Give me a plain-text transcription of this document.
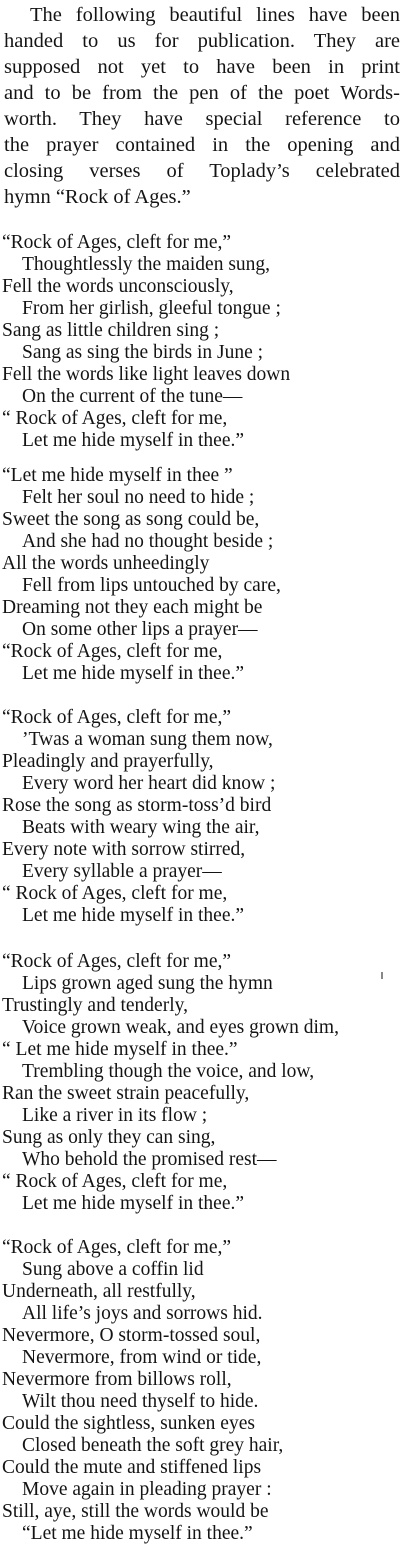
The following beautiful lines have been
handed to us for publication. They are
supposed not yet to have been in print
and to be from the pen of the poet Words-
worth. They have special reference to
the prayer contained in the opening and
closing verses of Toplady’s celebrated
hymn “Rock of Ages.”
“Rock of Ages, cleft for me,”
Thoughtlessly the maiden sung,
Fell the words unconsciously,
From her girlish, gleeful tongue ;
Sang as little children sing ;
Sang as sing the birds in June ;
Fell the words like light leaves down
On the current of the tune—
“ Rock of Ages, cleft for me,
Let me hide myself in thee.”
“Let me hide myself in thee ”
Felt her soul no need to hide ;
Sweet the song as song could be,
And she had no thought beside ;
All the words unheedingly
Fell from lips untouched by care,
Dreaming not they each might be
On some other lips a prayer—
“Rock of Ages, cleft for me,
Let me hide myself in thee.”
“Rock of Ages, cleft for me,”
’Twas a woman sung them now,
Pleadingly and prayerfully,
Every word her heart did know ;
Rose the song as storm-toss’d bird
Beats with weary wing the air,
Every note with sorrow stirred,
Every syllable a prayer—
“ Rock of Ages, cleft for me,
Let me hide myself in thee.”
“Rock of Ages, cleft for me,”
Lips grown aged sung the hymn
Trustingly and tenderly,
Voice grown weak, and eyes grown dim,
“ Let me hide myself in thee.”
Trembling though the voice, and low,
Ran the sweet strain peacefully,
Like a river in its flow ;
Sung as only they can sing,
Who behold the promised rest—
“ Rock of Ages, cleft for me,
Let me hide myself in thee.”
“Rock of Ages, cleft for me,”
Sung above a coffin lid
Underneath, all restfully,
All life’s joys and sorrows hid.
Nevermore, O storm-tossed soul,
Nevermore, from wind or tide,
Nevermore from billows roll,
Wilt thou need thyself to hide.
Could the sightless, sunken eyes
Closed beneath the soft grey hair,
Could the mute and stiffened lips
Move again in pleading prayer :
Still, aye, still the words would be
“Let me hide myself in thee.”
